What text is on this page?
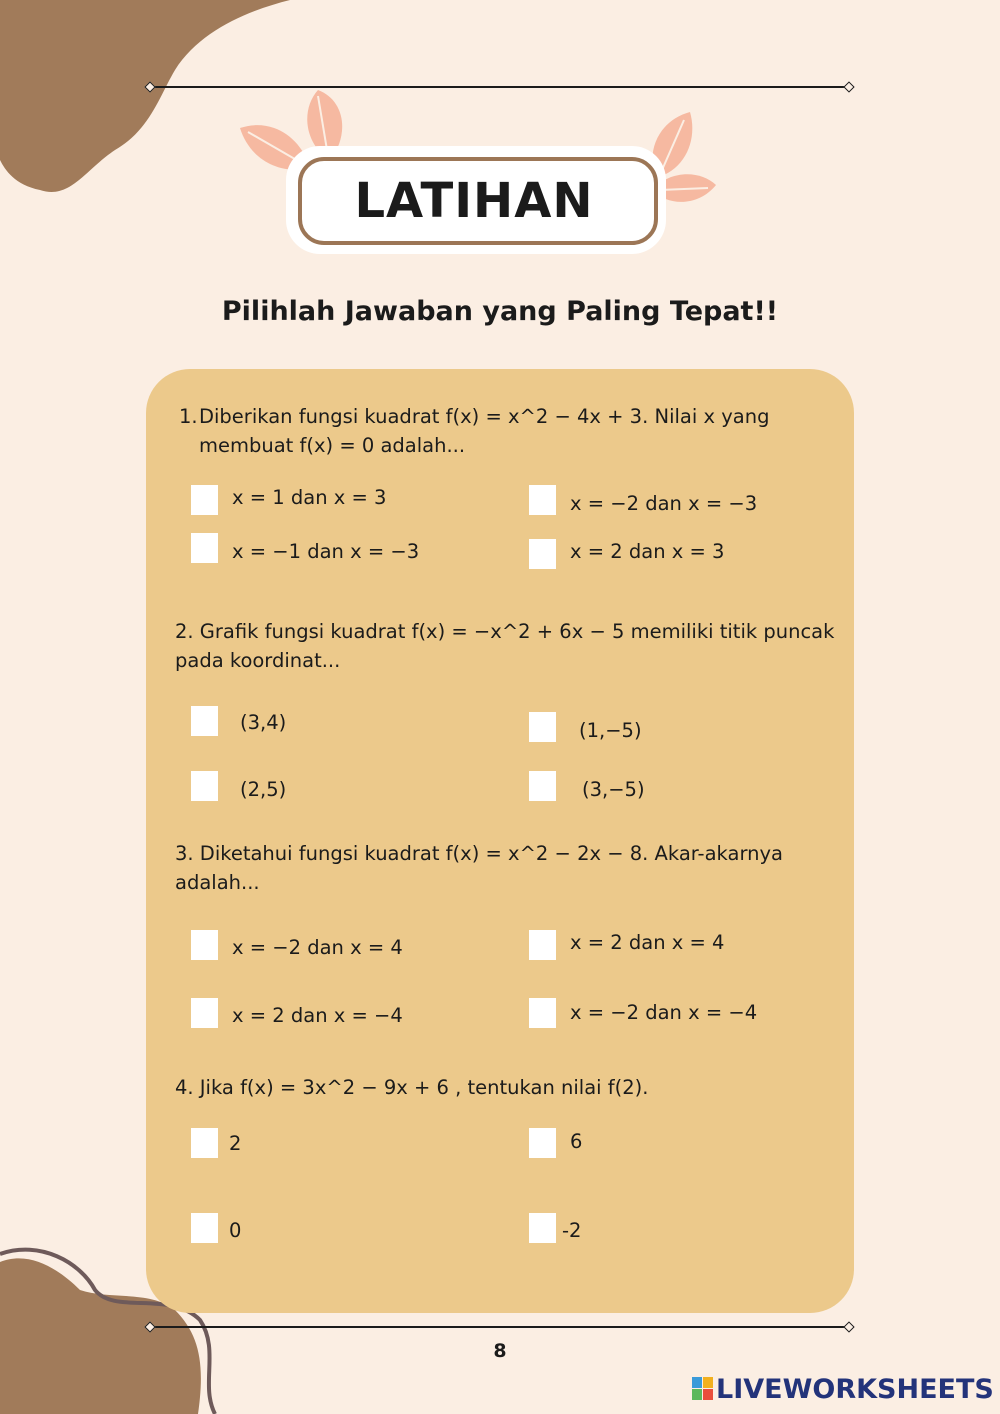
LATIHAN
Pilihlah Jawaban yang Paling Tepat!!
1. Diberikan fungsi kuadrat f(x) = x^2 − 4x + 3. Nilai x yang
membuat f(x) = 0 adalah...
x = 1 dan x = 3	x = −2 dan x = −3
x = −1 dan x = −3	x = 2 dan x = 3
2. Grafik fungsi kuadrat f(x) = −x^2 + 6x − 5 memiliki titik puncak
pada koordinat...
(3,4)	(1,−5)
(2,5)	(3,−5)
3. Diketahui fungsi kuadrat f(x) = x^2 − 2x − 8. Akar-akarnya
adalah...
x = −2 dan x = 4	x = 2 dan x = 4
x = 2 dan x = −4	x = −2 dan x = −4
4. Jika f(x) = 3x^2 − 9x + 6 , tentukan nilai f(2).
2	6
0	-2
8
LIVEWORKSHEETS
